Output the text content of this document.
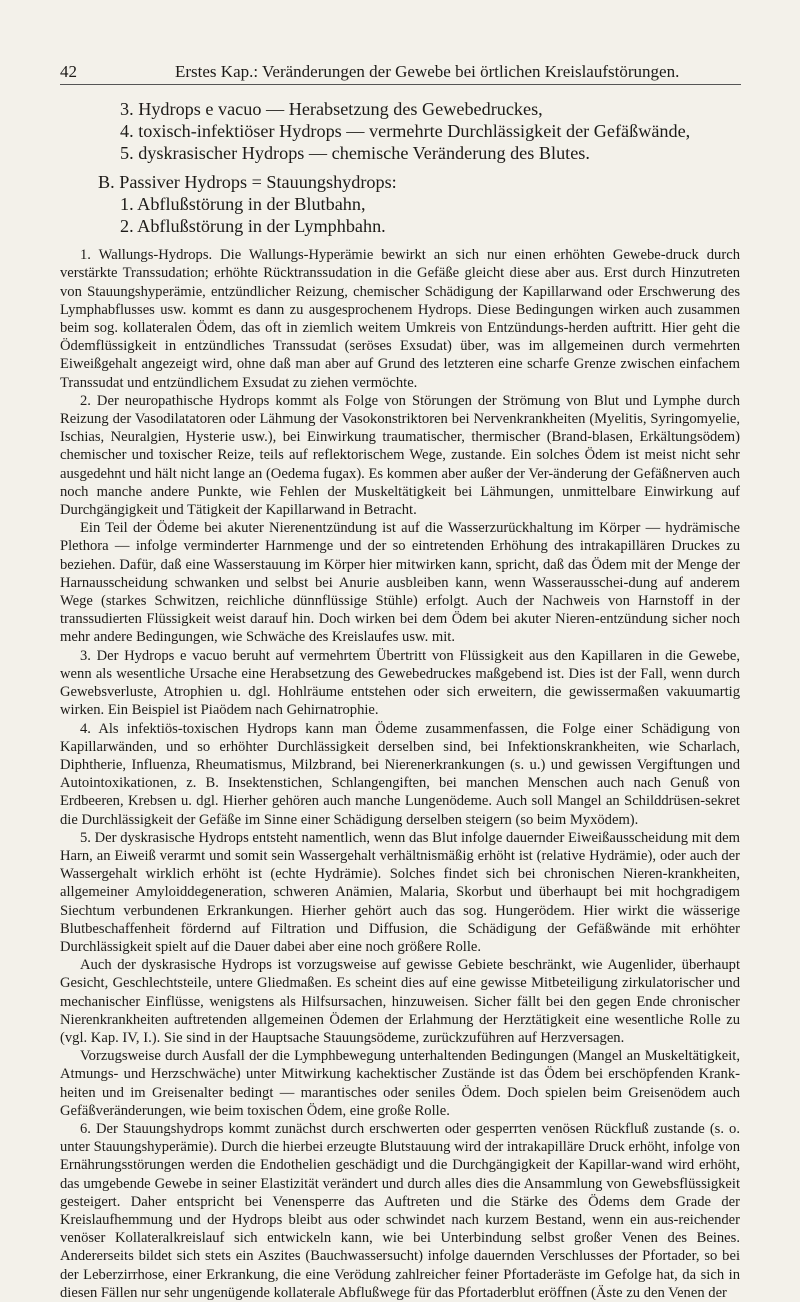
42	Erstes Kap.: Veränderungen der Gewebe bei örtlichen Kreislaufstörungen.
3. Hydrops e vacuo — Herabsetzung des Gewebedruckes,
4. toxisch-infektiöser Hydrops — vermehrte Durchlässigkeit der Gefäßwände,
5. dyskrasischer Hydrops — chemische Veränderung des Blutes.
B. Passiver Hydrops = Stauungshydrops:
1. Abflußstörung in der Blutbahn,
2. Abflußstörung in der Lymphbahn.

1. Wallungs-Hydrops. Die Wallungs-Hyperämie bewirkt an sich nur einen erhöhten Gewebe-druck durch verstärkte Transsudation; erhöhte Rücktranssudation in die Gefäße gleicht diese aber aus. Erst durch Hinzutreten von Stauungshyperämie, entzündlicher Reizung, chemischer Schädigung der Kapillarwand oder Erschwerung des Lymphabflusses usw. kommt es dann zu ausgesprochenem Hydrops. Diese Bedingungen wirken auch zusammen beim sog. kollateralen Ödem, das oft in ziemlich weitem Umkreis von Entzündungs-herden auftritt. Hier geht die Ödemflüssigkeit in entzündliches Transsudat (seröses Exsudat) über, was im allgemeinen durch vermehrten Eiweißgehalt angezeigt wird, ohne daß man aber auf Grund des letzteren eine scharfe Grenze zwischen einfachem Transsudat und entzündlichem Exsudat zu ziehen vermöchte.

2. Der neuropathische Hydrops kommt als Folge von Störungen der Strömung von Blut und Lymphe durch Reizung der Vasodilatatoren oder Lähmung der Vasokonstriktoren bei Nervenkrankheiten (Myelitis, Syringomyelie, Ischias, Neuralgien, Hysterie usw.), bei Einwirkung traumatischer, thermischer (Brand-blasen, Erkältungsödem) chemischer und toxischer Reize, teils auf reflektorischem Wege, zustande. Ein solches Ödem ist meist nicht sehr ausgedehnt und hält nicht lange an (Oedema fugax). Es kommen aber außer der Ver-änderung der Gefäßnerven auch noch manche andere Punkte, wie Fehlen der Muskeltätigkeit bei Lähmungen, unmittelbare Einwirkung auf Durchgängigkeit und Tätigkeit der Kapillarwand in Betracht.

Ein Teil der Ödeme bei akuter Nierenentzündung ist auf die Wasserzurückhaltung im Körper — hydrämische Plethora — infolge verminderter Harnmenge und der so eintretenden Erhöhung des intrakapillären Druckes zu beziehen. Dafür, daß eine Wasserstauung im Körper hier mitwirken kann, spricht, daß das Ödem mit der Menge der Harnausscheidung schwanken und selbst bei Anurie ausbleiben kann, wenn Wasserausschei-dung auf anderem Wege (starkes Schwitzen, reichliche dünnflüssige Stühle) erfolgt. Auch der Nachweis von Harnstoff in der transsudierten Flüssigkeit weist darauf hin. Doch wirken bei dem Ödem bei akuter Nieren-entzündung sicher noch mehr andere Bedingungen, wie Schwäche des Kreislaufes usw. mit.

3. Der Hydrops e vacuo beruht auf vermehrtem Übertritt von Flüssigkeit aus den Kapillaren in die Gewebe, wenn als wesentliche Ursache eine Herabsetzung des Gewebedruckes maßgebend ist. Dies ist der Fall, wenn durch Gewebsverluste, Atrophien u. dgl. Hohlräume entstehen oder sich erweitern, die gewissermaßen vakuumartig wirken. Ein Beispiel ist Piaödem nach Gehirnatrophie.

4. Als infektiös-toxischen Hydrops kann man Ödeme zusammenfassen, die Folge einer Schädigung von Kapillarwänden, und so erhöhter Durchlässigkeit derselben sind, bei Infektionskrankheiten, wie Scharlach, Diphtherie, Influenza, Rheumatismus, Milzbrand, bei Nierenerkrankungen (s. u.) und gewissen Vergiftungen und Autointoxikationen, z. B. Insektenstichen, Schlangengiften, bei manchen Menschen auch nach Genuß von Erdbeeren, Krebsen u. dgl. Hierher gehören auch manche Lungenödeme. Auch soll Mangel an Schilddrüsen-sekret die Durchlässigkeit der Gefäße im Sinne einer Schädigung derselben steigern (so beim Myxödem).

5. Der dyskrasische Hydrops entsteht namentlich, wenn das Blut infolge dauernder Eiweißausscheidung mit dem Harn, an Eiweiß verarmt und somit sein Wassergehalt verhältnismäßig erhöht ist (relative Hydrämie), oder auch der Wassergehalt wirklich erhöht ist (echte Hydrämie). Solches findet sich bei chronischen Nieren-krankheiten, allgemeiner Amyloiddegeneration, schweren Anämien, Malaria, Skorbut und überhaupt bei mit hochgradigem Siechtum verbundenen Erkrankungen. Hierher gehört auch das sog. Hungerödem. Hier wirkt die wässerige Blutbeschaffenheit fördernd auf Filtration und Diffusion, die Schädigung der Gefäßwände mit erhöhter Durchlässigkeit spielt auf die Dauer dabei aber eine noch größere Rolle.

Auch der dyskrasische Hydrops ist vorzugsweise auf gewisse Gebiete beschränkt, wie Augenlider, überhaupt Gesicht, Geschlechtsteile, untere Gliedmaßen. Es scheint dies auf eine gewisse Mitbeteiligung zirkulatorischer und mechanischer Einflüsse, wenigstens als Hilfsursachen, hinzuweisen. Sicher fällt bei den gegen Ende chronischer Nierenkrankheiten auftretenden allgemeinen Ödemen der Erlahmung der Herztätigkeit eine wesentliche Rolle zu (vgl. Kap. IV, I.). Sie sind in der Hauptsache Stauungsödeme, zurückzuführen auf Herzversagen.

Vorzugsweise durch Ausfall der die Lymphbewegung unterhaltenden Bedingungen (Mangel an Muskeltätigkeit, Atmungs- und Herzschwäche) unter Mitwirkung kachektischer Zustände ist das Ödem bei erschöpfenden Krank-heiten und im Greisenalter bedingt — marantisches oder seniles Ödem. Doch spielen beim Greisenödem auch Gefäßveränderungen, wie beim toxischen Ödem, eine große Rolle.

6. Der Stauungshydrops kommt zunächst durch erschwerten oder gesperrten venösen Rückfluß zustande (s. o. unter Stauungshyperämie). Durch die hierbei erzeugte Blutstauung wird der intrakapilläre Druck erhöht, infolge von Ernährungsstörungen werden die Endothelien geschädigt und die Durchgängigkeit der Kapillar-wand wird erhöht, das umgebende Gewebe in seiner Elastizität verändert und durch alles dies die Ansammlung von Gewebsflüssigkeit gesteigert. Daher entspricht bei Venensperre das Auftreten und die Stärke des Ödems dem Grade der Kreislaufhemmung und der Hydrops bleibt aus oder schwindet nach kurzem Bestand, wenn ein aus-reichender venöser Kollateralkreislauf sich entwickeln kann, wie bei Unterbindung selbst großer Venen des Beines. Andererseits bildet sich stets ein Aszites (Bauchwassersucht) infolge dauernden Verschlusses der Pfortader, so bei der Leberzirrhose, einer Erkrankung, die eine Verödung zahlreicher feiner Pfortaderäste im Gefolge hat, da sich in diesen Fällen nur sehr ungenügende kollaterale Abflußwege für das Pfortaderblut eröffnen (Äste zu den Venen der
